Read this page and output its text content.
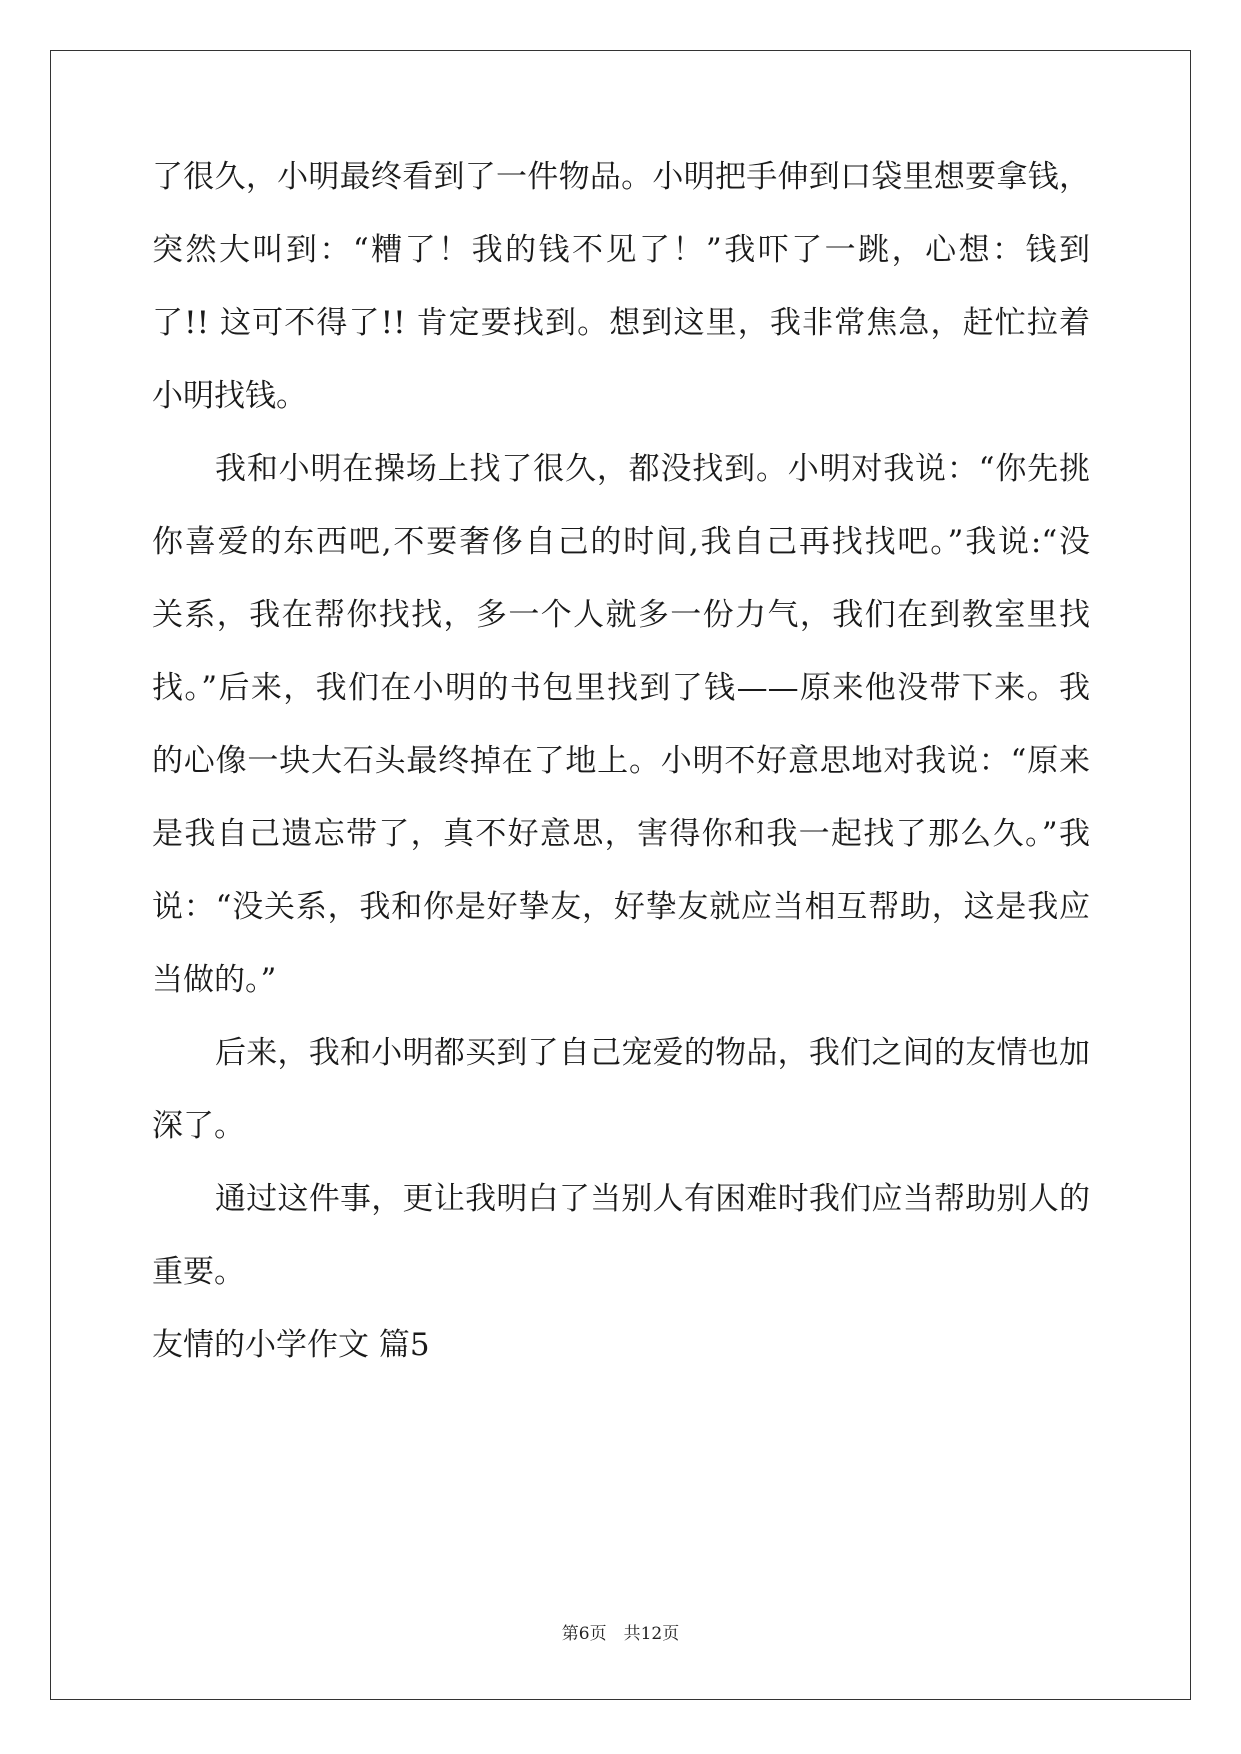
了很久，小明最终看到了一件物品。小明把手伸到口袋里想要拿钱，
突然大叫到：“糟了！我的钱不见了！”我吓了一跳，心想：钱到
了!! 这可不得了!! 肯定要找到。想到这里，我非常焦急，赶忙拉着
小明找钱。
我和小明在操场上找了很久，都没找到。小明对我说：“你先挑
你喜爱的东西吧,不要奢侈自己的时间,我自己再找找吧。”我说:“没
关系，我在帮你找找，多一个人就多一份力气，我们在到教室里找
找。”后来，我们在小明的书包里找到了钱——原来他没带下来。我
的心像一块大石头最终掉在了地上。小明不好意思地对我说：“原来
是我自己遗忘带了，真不好意思，害得你和我一起找了那么久。”我
说：“没关系，我和你是好挚友，好挚友就应当相互帮助，这是我应
当做的。”
后来，我和小明都买到了自己宠爱的物品，我们之间的友情也加
深了。
通过这件事，更让我明白了当别人有困难时我们应当帮助别人的
重要。
友情的小学作文 篇5
第6页　共12页
